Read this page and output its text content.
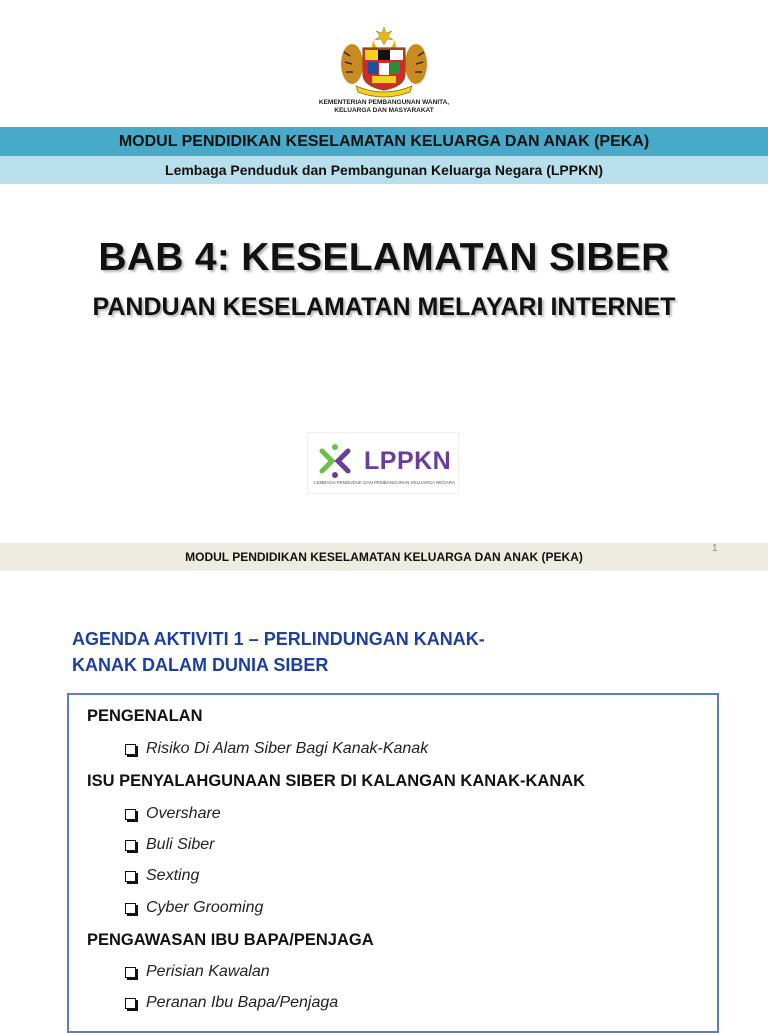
KEMENTERIAN PEMBANGUNAN WANITA,
KELUARGA DAN MASYARAKAT
MODUL PENDIDIKAN KESELAMATAN KELUARGA DAN ANAK (PEKA)
Lembaga Penduduk dan Pembangunan Keluarga Negara (LPPKN)
BAB 4: KESELAMATAN SIBER
PANDUAN KESELAMATAN MELAYARI INTERNET
LPPKN
LEMBAGA PENDUDUK DAN PEMBANGUNAN KELUARGA NEGARA
MODUL PENDIDIKAN KESELAMATAN KELUARGA DAN ANAK (PEKA)
1
AGENDA AKTIVITI 1 – PERLINDUNGAN KANAK-
KANAK DALAM DUNIA SIBER
PENGENALAN
Risiko Di Alam Siber Bagi Kanak-Kanak
ISU PENYALAHGUNAAN SIBER DI KALANGAN KANAK-KANAK
Overshare
Buli Siber
Sexting
Cyber Grooming
PENGAWASAN IBU BAPA/PENJAGA
Perisian Kawalan
Peranan Ibu Bapa/Penjaga
